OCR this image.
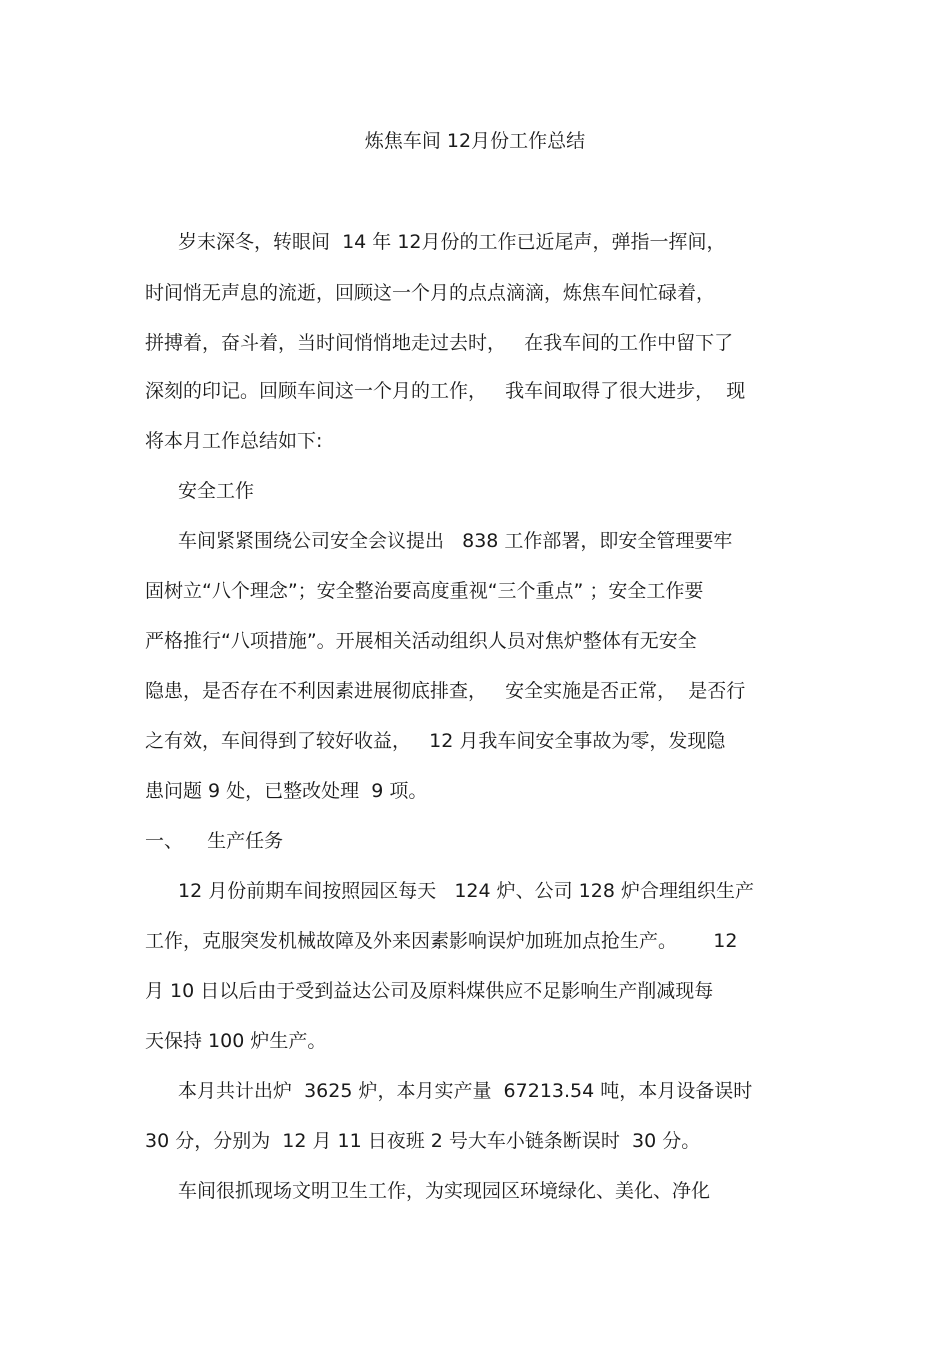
炼焦车间 12月份工作总结
岁末深冬，转眼间  14 年 12月份的工作已近尾声，弹指一挥间，
时间悄无声息的流逝，回顾这一个月的点点滴滴，炼焦车间忙碌着，
拼搏着，奋斗着，当时间悄悄地走过去时，   在我车间的工作中留下了
深刻的印记。回顾车间这一个月的工作，   我车间取得了很大进步，  现
将本月工作总结如下:
安全工作
车间紧紧围绕公司安全会议提出   838 工作部署，即安全管理要牢
固树立“八个理念”；安全整治要高度重视“三个重点” ；安全工作要
严格推行“八项措施”。开展相关活动组织人员对焦炉整体有无安全
隐患，是否存在不利因素进展彻底排查，   安全实施是否正常，  是否行
之有效，车间得到了较好收益，   12 月我车间安全事故为零，发现隐
患问题 9 处，已整改处理  9 项。
一、    生产任务
12 月份前期车间按照园区每天   124 炉、公司 128 炉合理组织生产
工作，克服突发机械故障及外来因素影响误炉加班加点抢生产。      12
月 10 日以后由于受到益达公司及原料煤供应不足影响生产削减现每
天保持 100 炉生产。
本月共计出炉  3625 炉，本月实产量  67213.54 吨，本月设备误时
30 分，分别为  12 月 11 日夜班 2 号大车小链条断误时  30 分。
车间很抓现场文明卫生工作，为实现园区环境绿化、美化、净化
